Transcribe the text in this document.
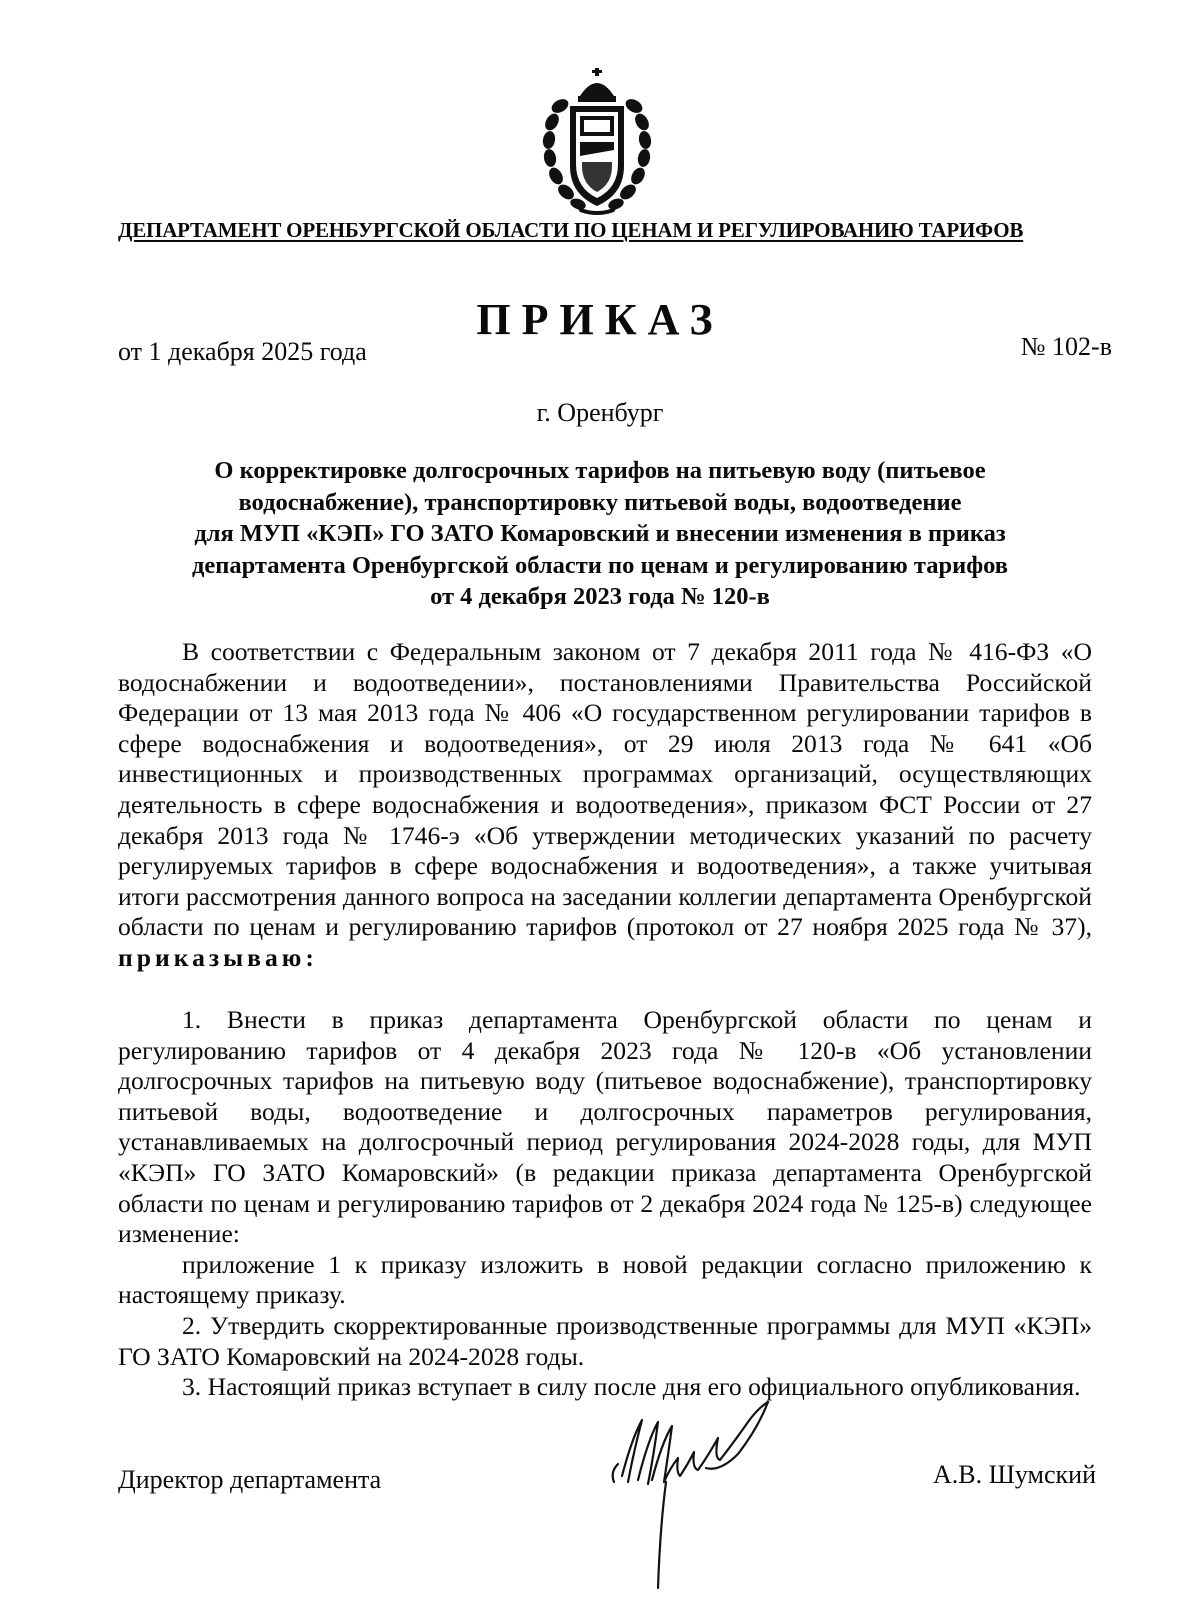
ДЕПАРТАМЕНТ ОРЕНБУРГСКОЙ ОБЛАСТИ ПО ЦЕНАМ И РЕГУЛИРОВАНИЮ ТАРИФОВ
ПРИКАЗ
от 1 декабря 2025 года	№ 102-в
г. Оренбург
О корректировке долгосрочных тарифов на питьевую воду (питьевое
водоснабжение), транспортировку питьевой воды, водоотведение
для МУП «КЭП» ГО ЗАТО Комаровский и внесении изменения в приказ
департамента Оренбургской области по ценам и регулированию тарифов
от 4 декабря 2023 года № 120-в

В соответствии с Федеральным законом от 7 декабря 2011 года № 416-ФЗ «О водоснабжении и водоотведении», постановлениями Правительства Российской Федерации от 13 мая 2013 года № 406 «О государственном регулировании тарифов в сфере водоснабжения и водоотведения», от 29 июля 2013 года № 641 «Об инвестиционных и производственных программах организаций, осуществляющих деятельность в сфере водоснабжения и водоотведения», приказом ФСТ России от 27 декабря 2013 года № 1746-э «Об утверждении методических указаний по расчету регулируемых тарифов в сфере водоснабжения и водоотведения», а также учитывая итоги рассмотрения данного вопроса на заседании коллегии департамента Оренбургской области по ценам и регулированию тарифов (протокол от 27 ноября 2025 года № 37), приказываю:

1. Внести в приказ департамента Оренбургской области по ценам и регулированию тарифов от 4 декабря 2023 года № 120-в «Об установлении долгосрочных тарифов на питьевую воду (питьевое водоснабжение), транспортировку питьевой воды, водоотведение и долгосрочных параметров регулирования, устанавливаемых на долгосрочный период регулирования 2024-2028 годы, для МУП «КЭП» ГО ЗАТО Комаровский» (в редакции приказа департамента Оренбургской области по ценам и регулированию тарифов от 2 декабря 2024 года № 125-в) следующее изменение:

приложение 1 к приказу изложить в новой редакции согласно приложению к настоящему приказу.

2. Утвердить скорректированные производственные программы для МУП «КЭП» ГО ЗАТО Комаровский на 2024-2028 годы.

3. Настоящий приказ вступает в силу после дня его официального опубликования.

Директор департамента	А.В. Шумский
